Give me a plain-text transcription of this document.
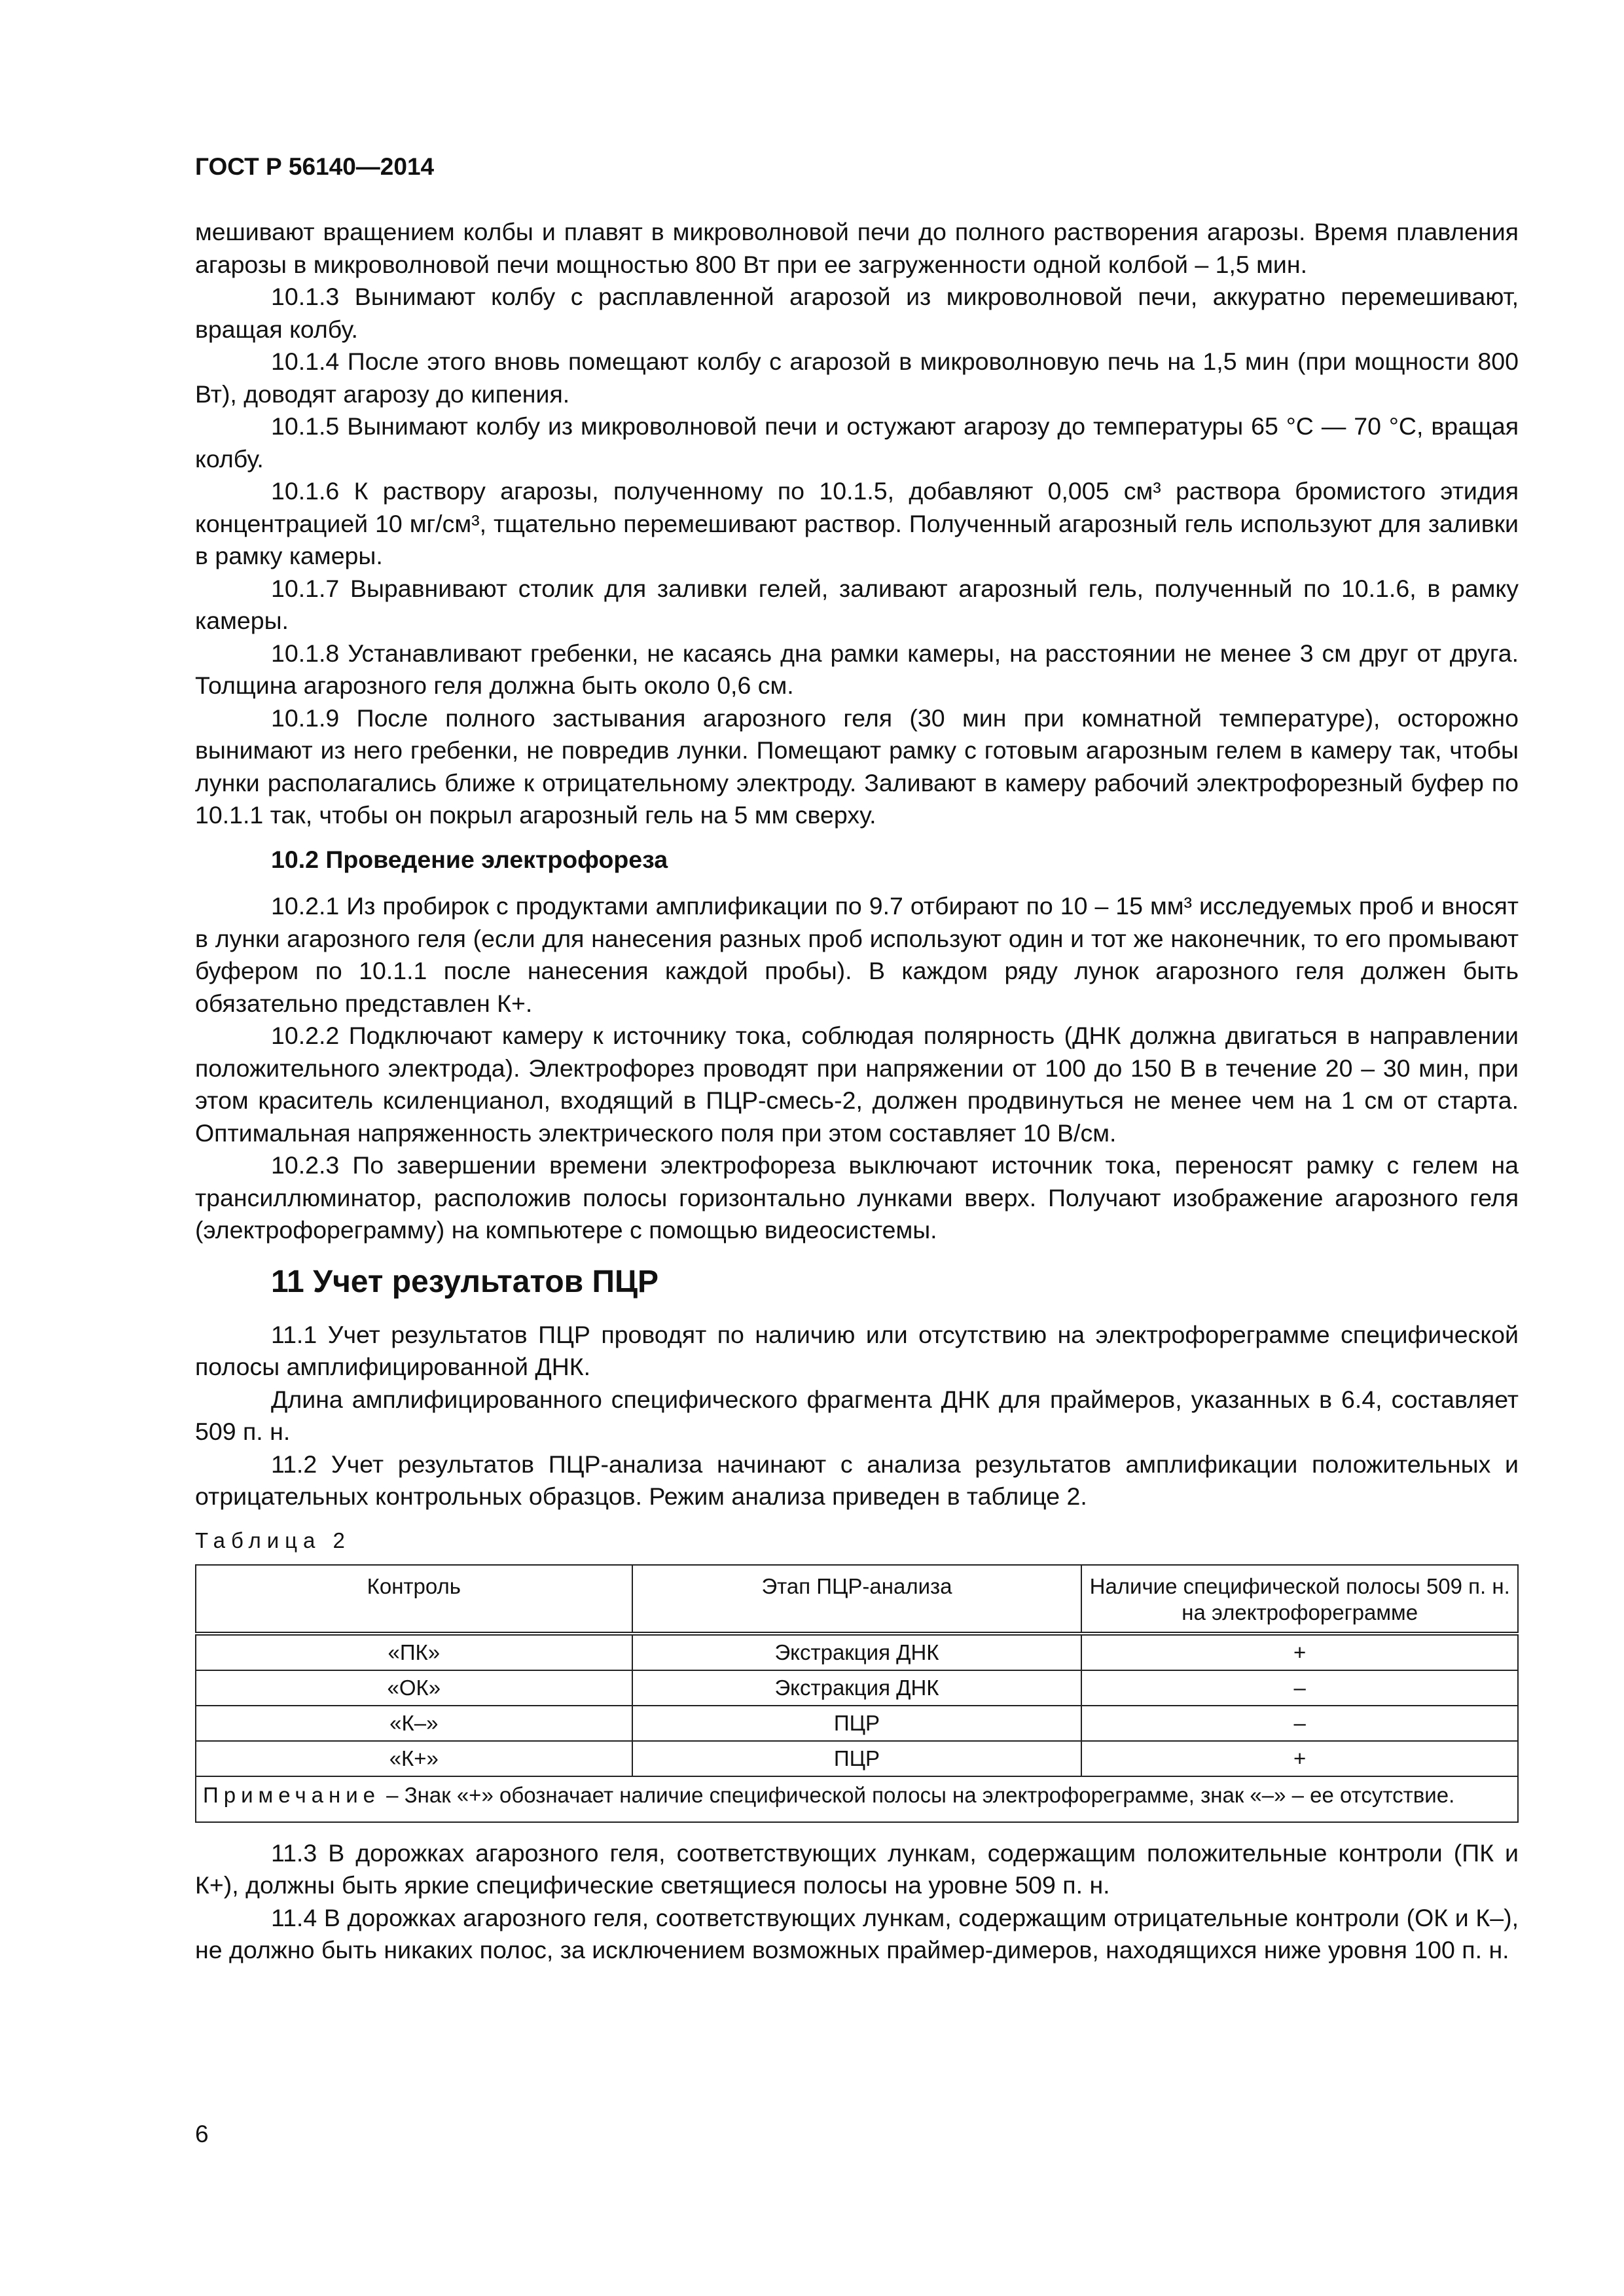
ГОСТ Р 56140—2014

мешивают вращением колбы и плавят в микроволновой печи до полного растворения агарозы. Время плавления агарозы в микроволновой печи мощностью 800 Вт при ее загруженности одной колбой – 1,5 мин.

10.1.3 Вынимают колбу с расплавленной агарозой из микроволновой печи, аккуратно перемешивают, вращая колбу.

10.1.4 После этого вновь помещают колбу с агарозой в микроволновую печь на 1,5 мин (при мощности 800 Вт), доводят агарозу до кипения.

10.1.5 Вынимают колбу из микроволновой печи и остужают агарозу до температуры 65 °С — 70 °С, вращая колбу.

10.1.6 К раствору агарозы, полученному по 10.1.5, добавляют 0,005 см³ раствора бромистого этидия концентрацией 10 мг/см³, тщательно перемешивают раствор. Полученный агарозный гель используют для заливки в рамку камеры.

10.1.7 Выравнивают столик для заливки гелей, заливают агарозный гель, полученный по 10.1.6, в рамку камеры.

10.1.8 Устанавливают гребенки, не касаясь дна рамки камеры, на расстоянии не менее 3 см друг от друга. Толщина агарозного геля должна быть около 0,6 см.

10.1.9 После полного застывания агарозного геля (30 мин при комнатной температуре), осторожно вынимают из него гребенки, не повредив лунки. Помещают рамку с готовым агарозным гелем в камеру так, чтобы лунки располагались ближе к отрицательному электроду. Заливают в камеру рабочий электрофорезный буфер по 10.1.1 так, чтобы он покрыл агарозный гель на 5 мм сверху.

10.2 Проведение электрофореза

10.2.1 Из пробирок с продуктами амплификации по 9.7 отбирают по 10 – 15 мм³ исследуемых проб и вносят в лунки агарозного геля (если для нанесения разных проб используют один и тот же наконечник, то его промывают буфером по 10.1.1 после нанесения каждой пробы). В каждом ряду лунок агарозного геля должен быть обязательно представлен К+.

10.2.2 Подключают камеру к источнику тока, соблюдая полярность (ДНК должна двигаться в направлении положительного электрода). Электрофорез проводят при напряжении от 100 до 150 В в течение 20 – 30 мин, при этом краситель ксиленцианол, входящий в ПЦР-смесь-2, должен продвинуться не менее чем на 1 см от старта. Оптимальная напряженность электрического поля при этом составляет 10 В/см.

10.2.3 По завершении времени электрофореза выключают источник тока, переносят рамку с гелем на трансиллюминатор, расположив полосы горизонтально лунками вверх. Получают изображение агарозного геля (электрофореграмму) на компьютере с помощью видеосистемы.

11 Учет результатов ПЦР

11.1 Учет результатов ПЦР проводят по наличию или отсутствию на электрофореграмме специфической полосы амплифицированной ДНК.

Длина амплифицированного специфического фрагмента ДНК для праймеров, указанных в 6.4, составляет 509 п. н.

11.2 Учет результатов ПЦР-анализа начинают с анализа результатов амплификации положительных и отрицательных контрольных образцов. Режим анализа приведен в таблице 2.

Таблица 2
Контроль	Этап ПЦР-анализа	Наличие специфической полосы 509 п. н. на электрофореграмме
«ПК»	Экстракция ДНК	+
«ОК»	Экстракция ДНК	–
«К–»	ПЦР	–
«К+»	ПЦР	+
Примечание – Знак «+» обозначает наличие специфической полосы на электрофореграмме, знак «–» – ее отсутствие.		

11.3 В дорожках агарозного геля, соответствующих лункам, содержащим положительные контроли (ПК и К+), должны быть яркие специфические светящиеся полосы на уровне 509 п. н.

11.4 В дорожках агарозного геля, соответствующих лункам, содержащим отрицательные контроли (ОК и К–), не должно быть никаких полос, за исключением возможных праймер-димеров, находящихся ниже уровня 100 п. н.

6
